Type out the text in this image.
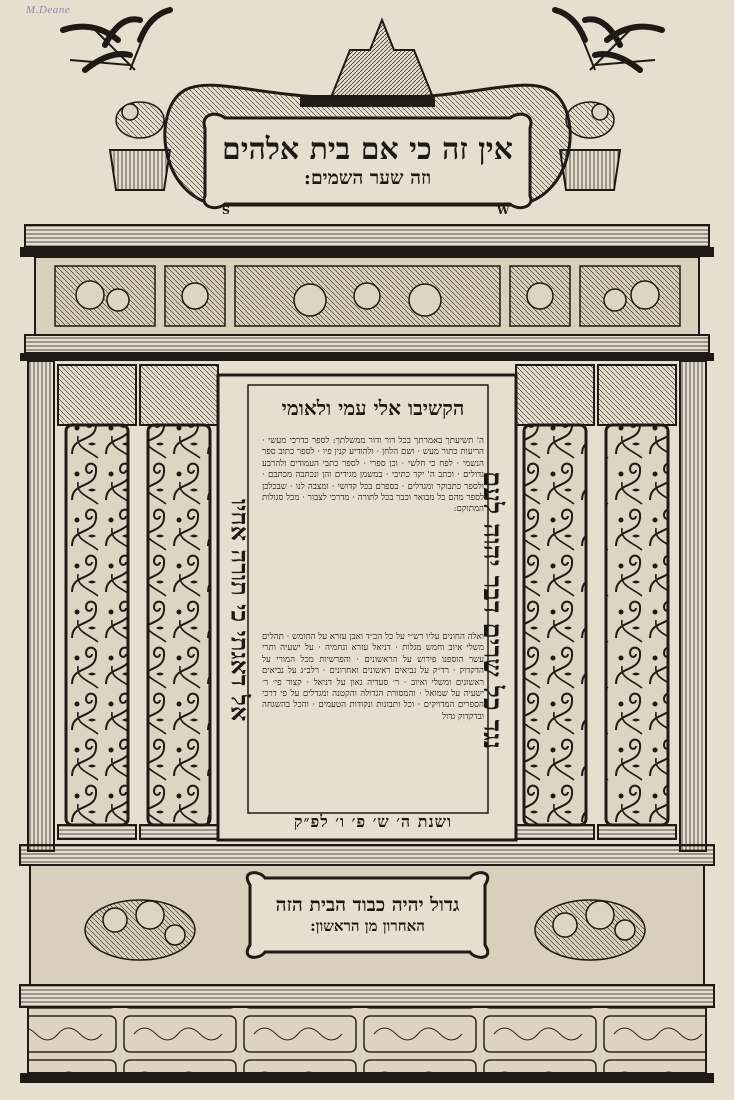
M.Deane
אין זה כי אם בית אלהים
וזה שער השמים:
S	W
הקשיבו אלי עמי ולאומי
ה' תשיעתך באמרתך בכל דור ודור ממשלתך: לספר כדרכי מעשי · הריעות כתור מעש · ושם הלחן · ולהודיע קנין פיו · לספר כתוב ספר הנשמי · לפח כי חלשי · וכן ספרי · לספר כתבי העמודים ולהרבע גדולים · וכתב ה' יקר כתיבי · במשמן מגידים והן ונכתבה מכתבם · ולספר כתבוקר ומגדלים · בספרם בכל קדושי · ומצבה לנו · שבכלכן לספר מהם כל מבואר וכבר בכל לתורה · מדרכי לצבור · מכל סגולות המתוקם:
ואלה החונים עליו רש״י על כל הכ״ד ואבן עזרא על החומש · תהלים משלי איוב וחמש מגלות · דניאל עזרא ונחמיה · על ישעיה ותרי עשר הוספנו פירוש על הראשונים · והפרשיות מכל המורי על הדקדוק · רד״ק על נביאים ראשונים ואחרונים · רלב״ג על נביאים ראשונים ומשלי ואיוב · ר׳ סעדיה גאון על דניאל · קצור פי׳ ר׳ ישעיה על שמואל · והמסורת הגדולה והקטנה ומגדלים על פי דרכי הספרים המדויקים · וכל ותבונות ונקודות הטעמים · והכל בהשגחה ובדקדוק גדול
ושנת ה׳ ש׳ פ׳ ו׳ לפ״ק
נגד כל שרים דבר יהוה לעם
אל דאגתי כי תורה אחיו
גדול יהיה כבוד הבית הזה
האחרון מן הראשון:
